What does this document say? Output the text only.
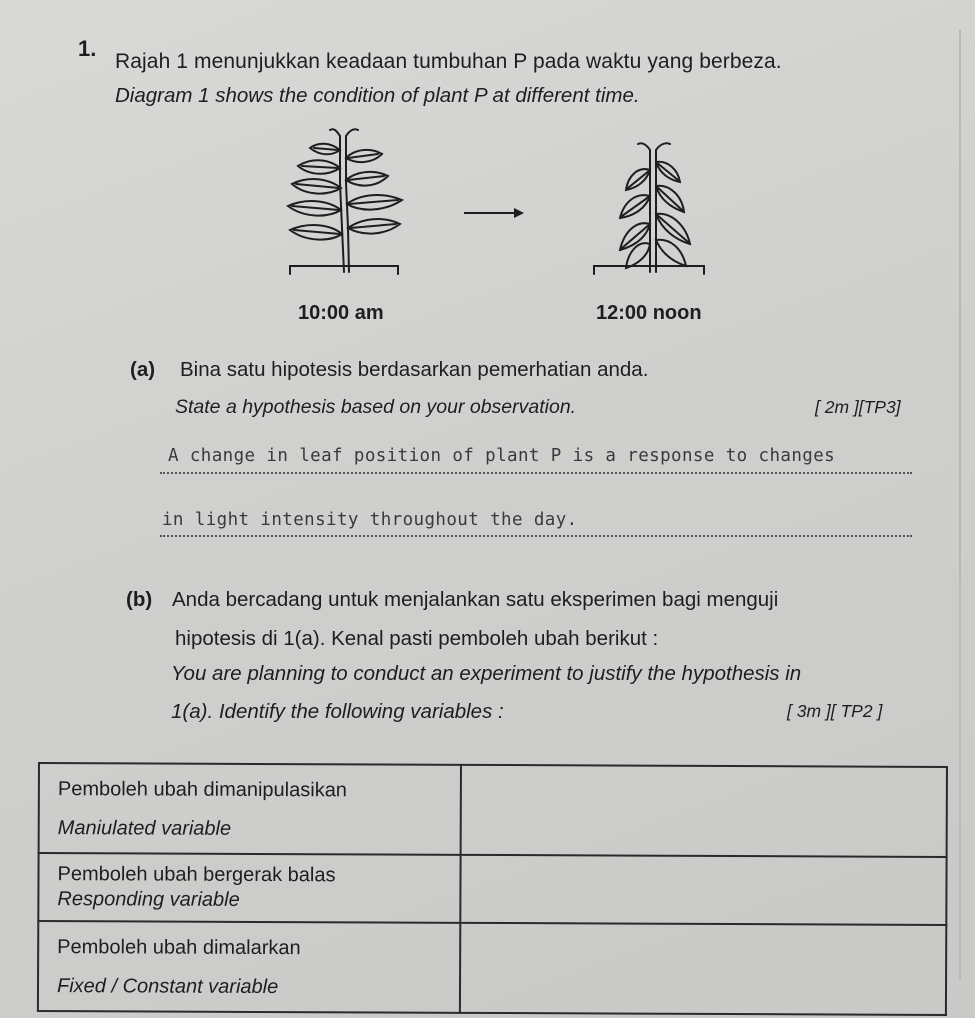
1.
Rajah 1 menunjukkan keadaan tumbuhan P pada waktu yang berbeza.
Diagram 1 shows the condition of plant P at different time.
10:00 am	12:00 noon
(a) Bina satu hipotesis berdasarkan pemerhatian anda.
State a hypothesis based on your observation.	[ 2m ][TP3]
A change in leaf position of plant P is a response to changes
in light intensity throughout the day.
(b) Anda bercadang untuk menjalankan satu eksperimen bagi menguji
hipotesis di 1(a). Kenal pasti pemboleh ubah berikut :
You are planning to conduct an experiment to justify the hypothesis in
1(a). Identify the following variables :	[ 3m ][ TP2 ]
Pemboleh ubah dimanipulasikan
Maniulated variable	

Pemboleh ubah bergerak balas
Responding variable	

Pemboleh ubah dimalarkan
Fixed / Constant variable	
